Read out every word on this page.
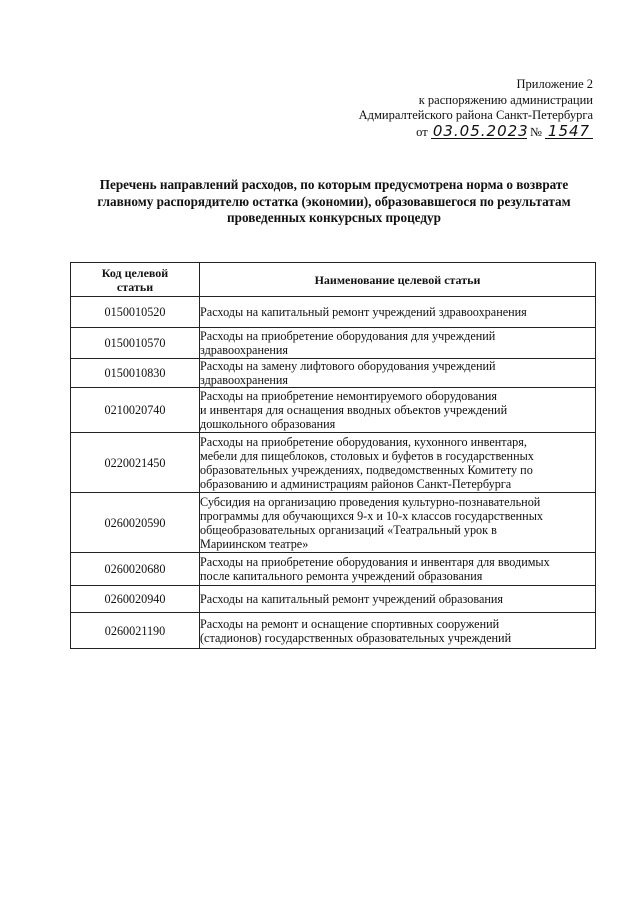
Приложение 2
к распоряжению администрации
Адмиралтейского района Санкт-Петербурга
от 03.05.2023 № 1547
Перечень направлений расходов, по которым предусмотрена норма о возврате
главному распорядителю остатка (экономии), образовавшегося по результатам
проведенных конкурсных процедур
Код целевой
статьи	Наименование целевой статьи
0150010520	Расходы на капитальный ремонт учреждений здравоохранения

0150010570	Расходы на приобретение оборудования для учреждений
здравоохранения

0150010830	Расходы на замену лифтового оборудования учреждений
здравоохранения

0210020740	Расходы на приобретение немонтируемого оборудования
и инвентаря для оснащения вводных объектов учреждений
дошкольного образования

0220021450	Расходы на приобретение оборудования, кухонного инвентаря,
мебели для пищеблоков, столовых и буфетов в государственных
образовательных учреждениях, подведомственных Комитету по
образованию и администрациям районов Санкт-Петербурга

0260020590	Субсидия на организацию проведения культурно-познавательной
программы для обучающихся 9-х и 10-х классов государственных
общеобразовательных организаций «Театральный урок в
Мариинском театре»

0260020680	Расходы на приобретение оборудования и инвентаря для вводимых
после капитального ремонта учреждений образования

0260020940	Расходы на капитальный ремонт учреждений образования

0260021190	Расходы на ремонт и оснащение спортивных сооружений
(стадионов) государственных образовательных учреждений
